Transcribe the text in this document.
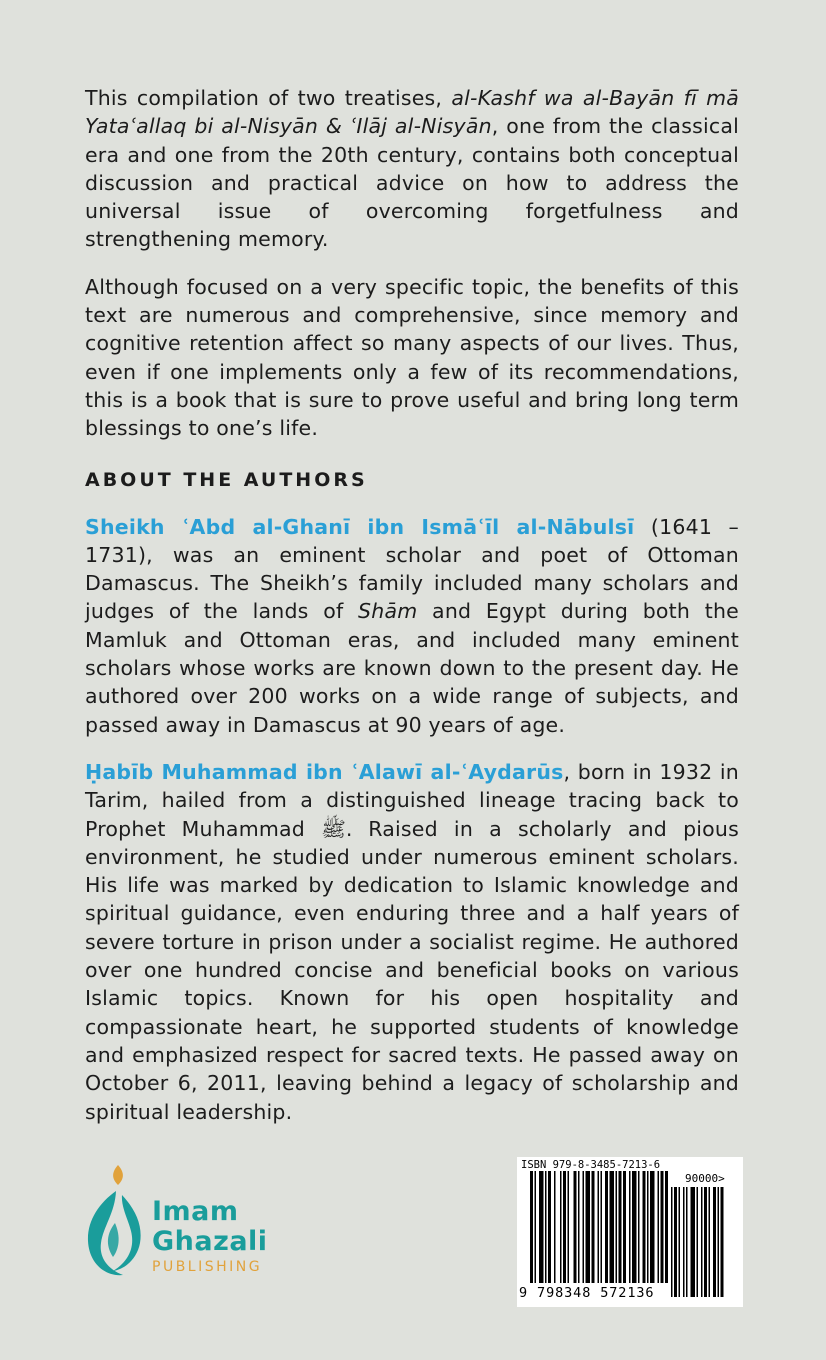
This compilation of two treatises, al-Kashf wa al-Bayān fī mā Yataʿallaq bi al-Nisyān & ʿIlāj al-Nisyān, one from the classical era and one from the 20th century, contains both conceptual discussion and practical advice on how to address the universal issue of overcoming forgetfulness and strengthening memory.

Although focused on a very specific topic, the benefits of this text are numerous and comprehensive, since memory and cognitive retention affect so many aspects of our lives. Thus, even if one implements only a few of its recommendations, this is a book that is sure to prove useful and bring long term blessings to one’s life.

ABOUT THE AUTHORS

Sheikh ʿAbd al-Ghanī ibn Ismāʿīl al-Nābulsī (1641 – 1731), was an eminent scholar and poet of Ottoman Damascus. The Sheikh’s family included many scholars and judges of the lands of Shām and Egypt during both the Mamluk and Ottoman eras, and included many eminent scholars whose works are known down to the present day. He authored over 200 works on a wide range of subjects, and passed away in Damascus at 90 years of age.

Ḥabīb Muhammad ibn ʿAlawī al-ʿAydarūs, born in 1932 in Tarim, hailed from a distinguished lineage tracing back to Prophet Muhammad ﷺ. Raised in a scholarly and pious environment, he studied under numerous eminent scholars. His life was marked by dedication to Islamic knowledge and spiritual guidance, even enduring three and a half years of severe torture in prison under a socialist regime. He authored over one hundred concise and beneficial books on various Islamic topics. Known for his open hospitality and compassionate heart, he supported students of knowledge and emphasized respect for sacred texts. He passed away on October 6, 2011, leaving behind a legacy of scholarship and spiritual leadership.

Imam
Ghazali
PUBLISHING
ISBN 979-8-3485-7213-6
90000>
9 798348 572136
